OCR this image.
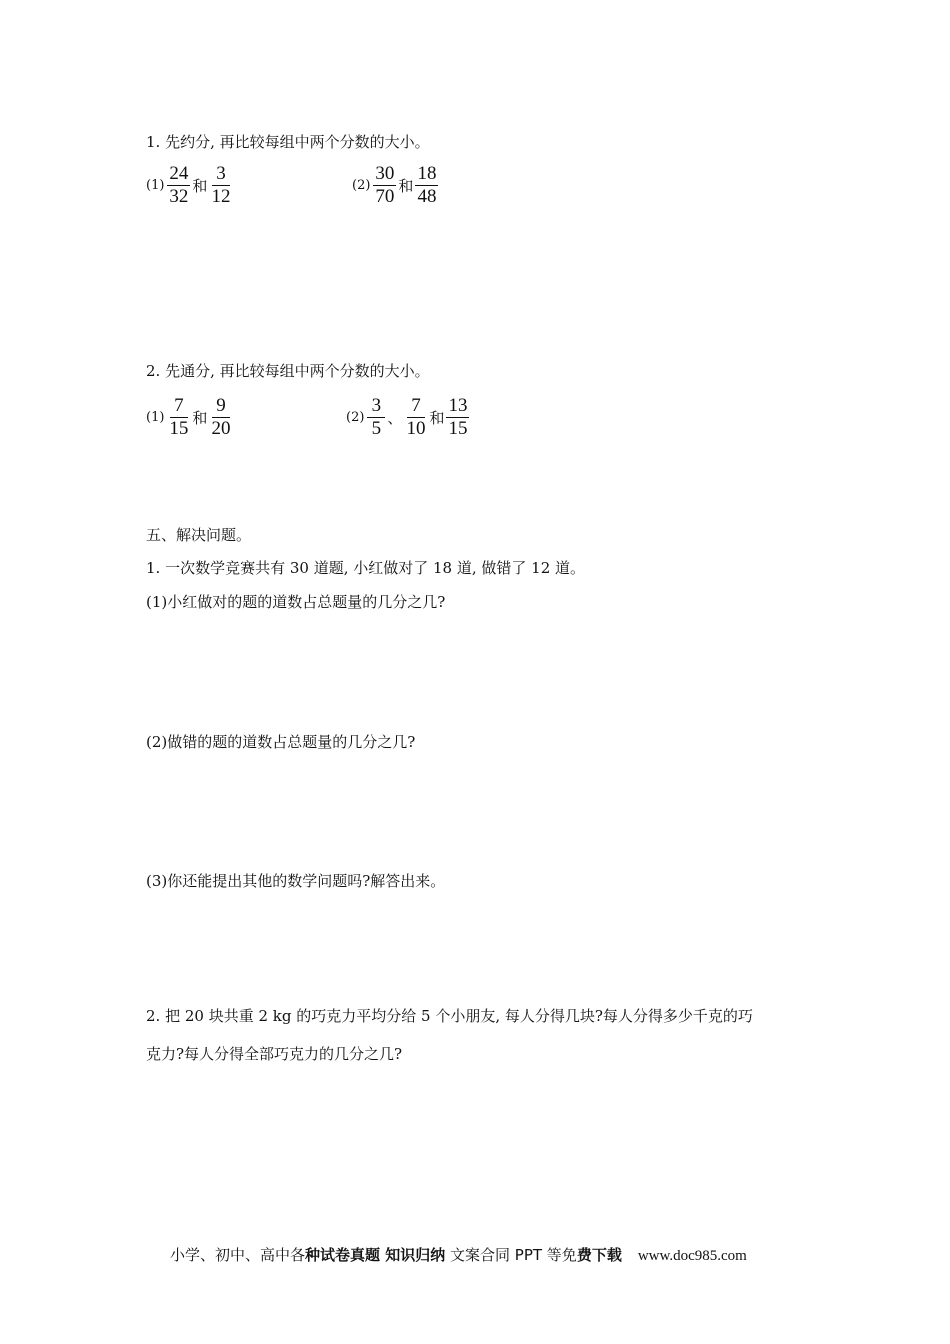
1. 先约分, 再比较每组中两个分数的大小。
$(1) \frac{24}{32}$ 和 $\frac{3}{12}$	$(2) \frac{30}{70}$ 和 $\frac{18}{48}$
2. 先通分, 再比较每组中两个分数的大小。
$(1) \frac{7}{15}$ 和 $\frac{9}{20}$	$(2) \frac{3}{5}$ 、 $\frac{7}{10}$ 和 $\frac{13}{15}$
五、解决问题。
1. 一次数学竞赛共有 30 道题, 小红做对了 18 道, 做错了 12 道。
(1)小红做对的题的道数占总题量的几分之几?
(2)做错的题的道数占总题量的几分之几?
(3)你还能提出其他的数学问题吗?解答出来。
2. 把 20 块共重 2 kg 的巧克力平均分给 5 个小朋友, 每人分得几块?每人分得多少千克的巧
克力?每人分得全部巧克力的几分之几?
小学、初中、高中各种试卷真题 知识归纳 文案合同 PPT 等免费下载 www.doc985.com
